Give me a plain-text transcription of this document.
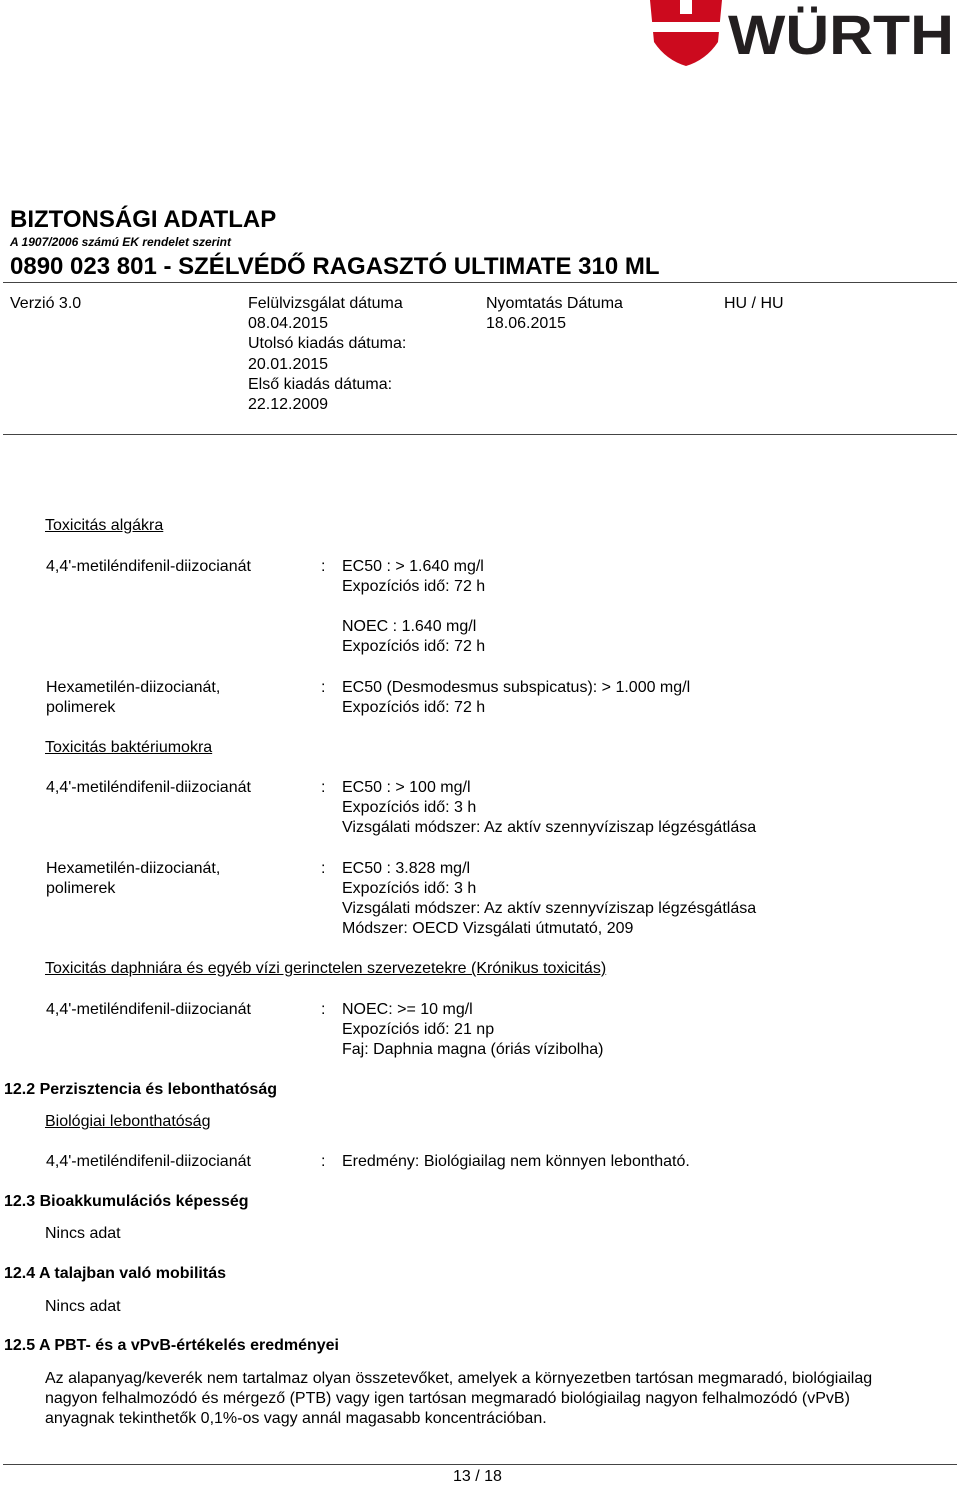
WÜRTH
BIZTONSÁGI ADATLAP
A 1907/2006 számú EK rendelet szerint
0890 023 801 - SZÉLVÉDŐ RAGASZTÓ ULTIMATE 310 ML
Verzió 3.0	Felülvizsgálat dátuma
08.04.2015
Utolsó kiadás dátuma:
20.01.2015
Első kiadás dátuma:
22.12.2009
Nyomtatás Dátuma
18.06.2015
HU / HU
Toxicitás algákra
4,4'-metiléndifenil-diizocianát	: EC50 : > 1.640 mg/l
Expozíciós idő: 72 h
NOEC : 1.640 mg/l
Expozíciós idő: 72 h
Hexametilén-diizocianát,
polimerek
: EC50 (Desmodesmus subspicatus): > 1.000 mg/l
Expozíciós idő: 72 h
Toxicitás baktériumokra
4,4'-metiléndifenil-diizocianát	: EC50 : > 100 mg/l
Expozíciós idő: 3 h
Vizsgálati módszer: Az aktív szennyvíziszap légzésgátlása
Hexametilén-diizocianát,
polimerek
: EC50 : 3.828 mg/l
Expozíciós idő: 3 h
Vizsgálati módszer: Az aktív szennyvíziszap légzésgátlása
Módszer: OECD Vizsgálati útmutató, 209
Toxicitás daphniára és egyéb vízi gerinctelen szervezetekre (Krónikus toxicitás)
4,4'-metiléndifenil-diizocianát	: NOEC: >= 10 mg/l
Expozíciós idő: 21 np
Faj: Daphnia magna (óriás vízibolha)
12.2 Perzisztencia és lebonthatóság
Biológiai lebonthatóság
4,4'-metiléndifenil-diizocianát	: Eredmény: Biológiailag nem könnyen lebontható.
12.3 Bioakkumulációs képesség
Nincs adat
12.4 A talajban való mobilitás
Nincs adat
12.5 A PBT- és a vPvB-értékelés eredményei
Az alapanyag/keverék nem tartalmaz olyan összetevőket, amelyek a környezetben tartósan megmaradó, biológiailag
nagyon felhalmozódó és mérgező (PTB) vagy igen tartósan megmaradó biológiailag nagyon felhalmozódó (vPvB)
anyagnak tekinthetők 0,1%-os vagy annál magasabb koncentrációban.
13 / 18
